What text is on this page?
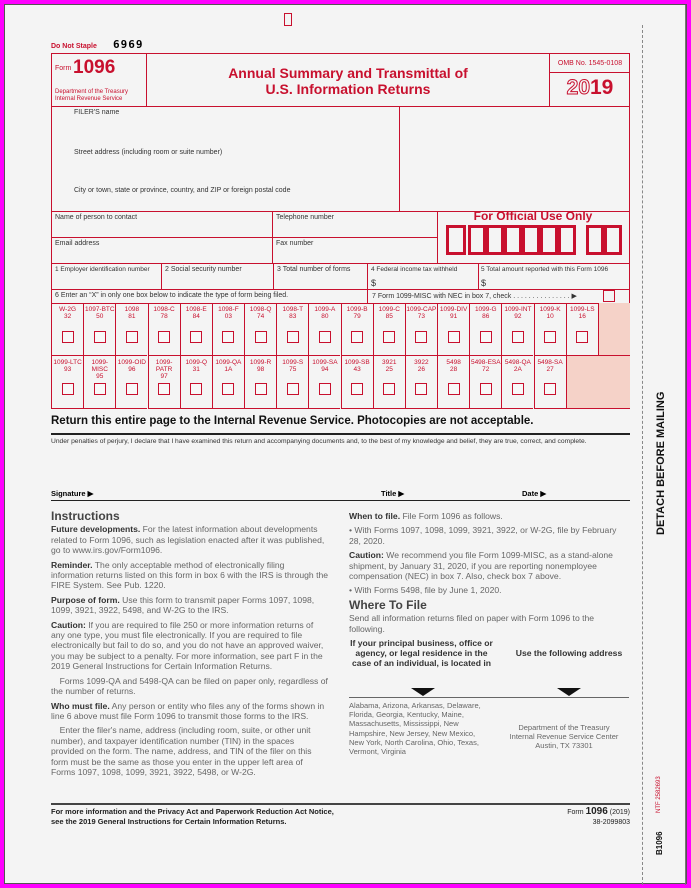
Do Not Staple 6969
Form 1096
Department of the Treasury
Internal Revenue Service
Annual Summary and Transmittal of
U.S. Information Returns
OMB No. 1545-0108
2019
FILER'S name
Street address (including room or suite number)
City or town, state or province, country, and ZIP or foreign postal code
Name of person to contact	Telephone number
Email address	Fax number
For Official Use Only
1 Employer identification number 2 Social security number	3 Total number of forms	4 Federal income tax withheld
$
5 Total amount reported with this Form 1096
$
6 Enter an “X” in only one box below to indicate the type of form being filed.	7 Form 1099-MISC with NEC in box 7, check . . . . . . . . . . . . . . . ▶
W-2G
32
1097-BTC
50
1098
81
1098-C
78
1098-E
84
1098-F
03
1098-Q
74
1098-T
83
1099-A
80
1099-B
79
1099-C
85
1099-CAP
73
1099-DIV
91
1099-G
86
1099-INT
92
1099-K
10
1099-LS
16
1099-LTC
93
1099-
MISC
95
1099-OID
96
1099-
PATR
97
1099-Q
31
1099-QA
1A
1099-R
98
1099-S
75
1099-SA
94
1099-SB
43
3921
25
3922
26
5498
28
5498-ESA
72
5498-QA
2A
5498-SA
27
Return this entire page to the Internal Revenue Service. Photocopies are not acceptable.
Under penalties of perjury, I declare that I have examined this return and accompanying documents and, to the best of my knowledge and belief, they are true, correct, and complete.
Signature ▶	Title ▶	Date ▶
Instructions

Future developments. For the latest information about developments related to Form 1096, such as legislation enacted after it was published, go to www.irs.gov/Form1096.

Reminder. The only acceptable method of electronically filing information returns listed on this form in box 6 with the IRS is through the FIRE System. See Pub. 1220.

Purpose of form. Use this form to transmit paper Forms 1097, 1098, 1099, 3921, 3922, 5498, and W-2G to the IRS.

Caution: If you are required to file 250 or more information returns of any one type, you must file electronically. If you are required to file electronically but fail to do so, and you do not have an approved waiver, you may be subject to a penalty. For more information, see part F in the 2019 General Instructions for Certain Information Returns.

 Forms 1099-QA and 5498-QA can be filed on paper only, regardless of the number of returns.

Who must file. Any person or entity who files any of the forms shown in line 6 above must file Form 1096 to transmit those forms to the IRS.

 Enter the filer's name, address (including room, suite, or other unit number), and taxpayer identification number (TIN) in the spaces provided on the form. The name, address, and TIN of the filer on this form must be the same as those you enter in the upper left area of Forms 1097, 1098, 1099, 3921, 3922, 5498, or W-2G.

When to file. File Form 1096 as follows.

• With Forms 1097, 1098, 1099, 3921, 3922, or W-2G, file by February 28, 2020.

Caution: We recommend you file Form 1099-MISC, as a stand-alone shipment, by January 31, 2020, if you are reporting nonemployee compensation (NEC) in box 7. Also, check box 7 above.

• With Forms 5498, file by June 1, 2020.

Where To File

Send all information returns filed on paper with Form 1096 to the following.

If your principal business, office or agency, or legal residence in the case of an individual, is located in
Use the following address
Alabama, Arizona, Arkansas, Delaware, Florida, Georgia, Kentucky, Maine, Massachusetts, Mississippi, New Hampshire, New Jersey, New Mexico, New York, North Carolina, Ohio, Texas, Vermont, Virginia
Department of the Treasury
Internal Revenue Service Center
Austin, TX 73301
For more information and the Privacy Act and Paperwork Reduction Act Notice,
see the 2019 General Instructions for Certain Information Returns.
Form 1096 (2019)
38-2099803
DETACH BEFORE MAILING
NTF 2582693
B1096
